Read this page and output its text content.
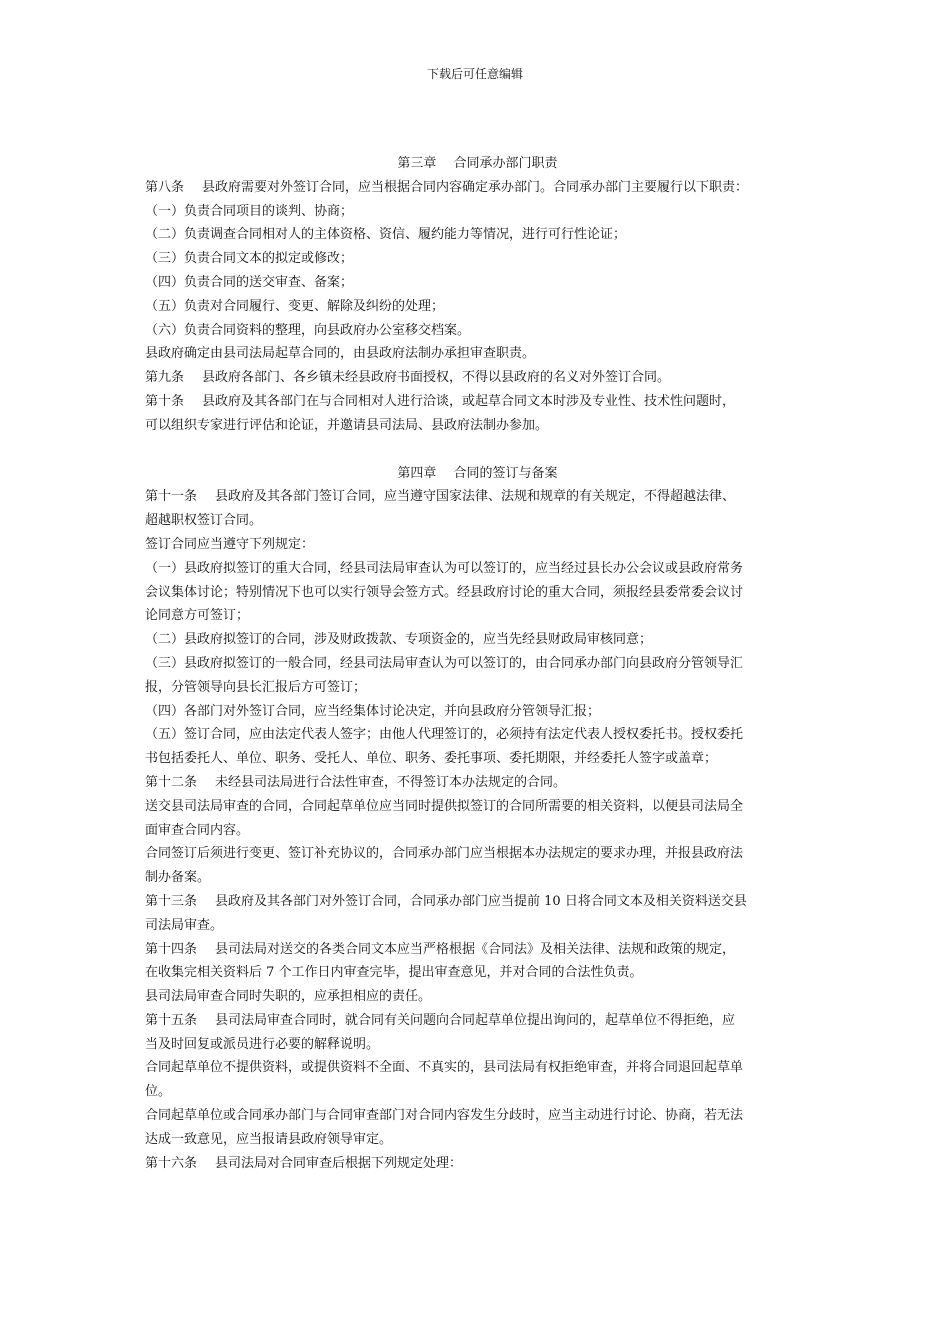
下载后可任意编辑

第三章　 合同承办部门职责

第八条 县政府需要对外签订合同，应当根据合同内容确定承办部门。合同承办部门主要履行以下职责：

（一）负责合同项目的谈判、协商；

（二）负责调查合同相对人的主体资格、资信、履约能力等情况，进行可行性论证；

（三）负责合同文本的拟定或修改；

（四）负责合同的送交审查、备案；

（五）负责对合同履行、变更、解除及纠纷的处理；

（六）负责合同资料的整理，向县政府办公室移交档案。

县政府确定由县司法局起草合同的，由县政府法制办承担审查职责。

第九条 县政府各部门、各乡镇未经县政府书面授权，不得以县政府的名义对外签订合同。

第十条 县政府及其各部门在与合同相对人进行洽谈，或起草合同文本时涉及专业性、技术性问题时，

可以组织专家进行评估和论证，并邀请县司法局、县政府法制办参加。

第四章　 合同的签订与备案

第十一条 县政府及其各部门签订合同，应当遵守国家法律、法规和规章的有关规定，不得超越法律、

超越职权签订合同。

签订合同应当遵守下列规定：

（一）县政府拟签订的重大合同，经县司法局审查认为可以签订的，应当经过县长办公会议或县政府常务

会议集体讨论；特别情况下也可以实行领导会签方式。经县政府讨论的重大合同，须报经县委常委会议讨

论同意方可签订；

（二）县政府拟签订的合同，涉及财政拨款、专项资金的，应当先经县财政局审核同意；

（三）县政府拟签订的一般合同，经县司法局审查认为可以签订的，由合同承办部门向县政府分管领导汇

报，分管领导向县长汇报后方可签订；

（四）各部门对外签订合同，应当经集体讨论决定，并向县政府分管领导汇报；

（五）签订合同，应由法定代表人签字；由他人代理签订的，必须持有法定代表人授权委托书。授权委托

书包括委托人、单位、职务、受托人、单位、职务、委托事项、委托期限，并经委托人签字或盖章；

第十二条 未经县司法局进行合法性审查，不得签订本办法规定的合同。

送交县司法局审查的合同，合同起草单位应当同时提供拟签订的合同所需要的相关资料，以便县司法局全

面审查合同内容。

合同签订后须进行变更、签订补充协议的，合同承办部门应当根据本办法规定的要求办理，并报县政府法

制办备案。

第十三条 县政府及其各部门对外签订合同，合同承办部门应当提前 10 日将合同文本及相关资料送交县

司法局审查。

第十四条 县司法局对送交的各类合同文本应当严格根据《合同法》及相关法律、法规和政策的规定，

在收集完相关资料后 7 个工作日内审查完毕，提出审查意见，并对合同的合法性负责。

县司法局审查合同时失职的，应承担相应的责任。

第十五条 县司法局审查合同时，就合同有关问题向合同起草单位提出询问的，起草单位不得拒绝，应

当及时回复或派员进行必要的解释说明。

合同起草单位不提供资料，或提供资料不全面、不真实的，县司法局有权拒绝审查，并将合同退回起草单

位。

合同起草单位或合同承办部门与合同审查部门对合同内容发生分歧时，应当主动进行讨论、协商，若无法

达成一致意见，应当报请县政府领导审定。

第十六条 县司法局对合同审查后根据下列规定处理：
